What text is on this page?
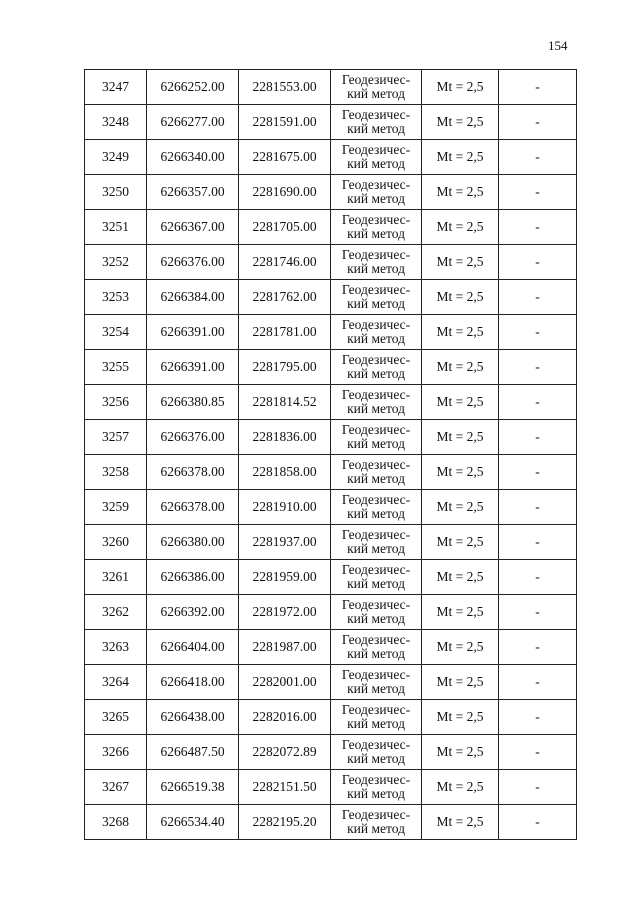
154
3247	6266252.00	2281553.00	Геодезичес-
кий метод	Mt = 2,5	-
3248	6266277.00	2281591.00	Геодезичес-
кий метод	Mt = 2,5	-
3249	6266340.00	2281675.00	Геодезичес-
кий метод	Mt = 2,5	-
3250	6266357.00	2281690.00	Геодезичес-
кий метод	Mt = 2,5	-
3251	6266367.00	2281705.00	Геодезичес-
кий метод	Mt = 2,5	-
3252	6266376.00	2281746.00	Геодезичес-
кий метод	Mt = 2,5	-
3253	6266384.00	2281762.00	Геодезичес-
кий метод	Mt = 2,5	-
3254	6266391.00	2281781.00	Геодезичес-
кий метод	Mt = 2,5	-
3255	6266391.00	2281795.00	Геодезичес-
кий метод	Mt = 2,5	-
3256	6266380.85	2281814.52	Геодезичес-
кий метод	Mt = 2,5	-
3257	6266376.00	2281836.00	Геодезичес-
кий метод	Mt = 2,5	-
3258	6266378.00	2281858.00	Геодезичес-
кий метод	Mt = 2,5	-
3259	6266378.00	2281910.00	Геодезичес-
кий метод	Mt = 2,5	-
3260	6266380.00	2281937.00	Геодезичес-
кий метод	Mt = 2,5	-
3261	6266386.00	2281959.00	Геодезичес-
кий метод	Mt = 2,5	-
3262	6266392.00	2281972.00	Геодезичес-
кий метод	Mt = 2,5	-
3263	6266404.00	2281987.00	Геодезичес-
кий метод	Mt = 2,5	-
3264	6266418.00	2282001.00	Геодезичес-
кий метод	Mt = 2,5	-
3265	6266438.00	2282016.00	Геодезичес-
кий метод	Mt = 2,5	-
3266	6266487.50	2282072.89	Геодезичес-
кий метод	Mt = 2,5	-
3267	6266519.38	2282151.50	Геодезичес-
кий метод	Mt = 2,5	-
3268	6266534.40	2282195.20	Геодезичес-
кий метод	Mt = 2,5	-
